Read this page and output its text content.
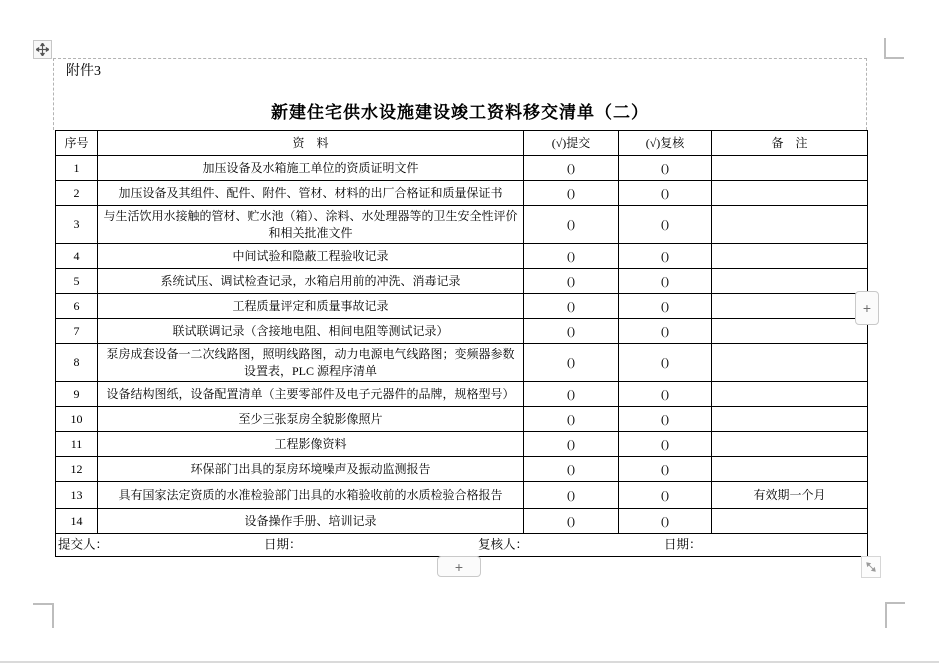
附件3
新建住宅供水设施建设竣工资料移交清单（二）
序号	资　料	(√)提交	(√)复核	备　注
1	加压设备及水箱施工单位的资质证明文件	()	()	
2	加压设备及其组件、配件、附件、管材、材料的出厂合格证和质量保证书	()	()	
3	与生活饮用水接触的管材、贮水池（箱）、涂料、水处理器等的卫生安全性评价和相关批准文件	()	()	
4	中间试验和隐蔽工程验收记录	()	()	
5	系统试压、调试检查记录，水箱启用前的冲洗、消毒记录	()	()	
6	工程质量评定和质量事故记录	()	()	
7	联试联调记录（含接地电阻、相间电阻等测试记录）	()	()	
8	泵房成套设备一二次线路图，照明线路图，动力电源电气线路图；变频器参数设置表，PLC 源程序清单	()	()	
9	设备结构图纸，设备配置清单（主要零部件及电子元器件的品牌，规格型号）	()	()	
10	至少三张泵房全貌影像照片	()	()	
11	工程影像资料	()	()	
12	环保部门出具的泵房环境噪声及振动监测报告	()	()	
13	具有国家法定资质的水准检验部门出具的水箱验收前的水质检验合格报告	()	()	有效期一个月
14	设备操作手册、培训记录	()	()	

提交人： 日期： 复核人： 日期：				
+
+
